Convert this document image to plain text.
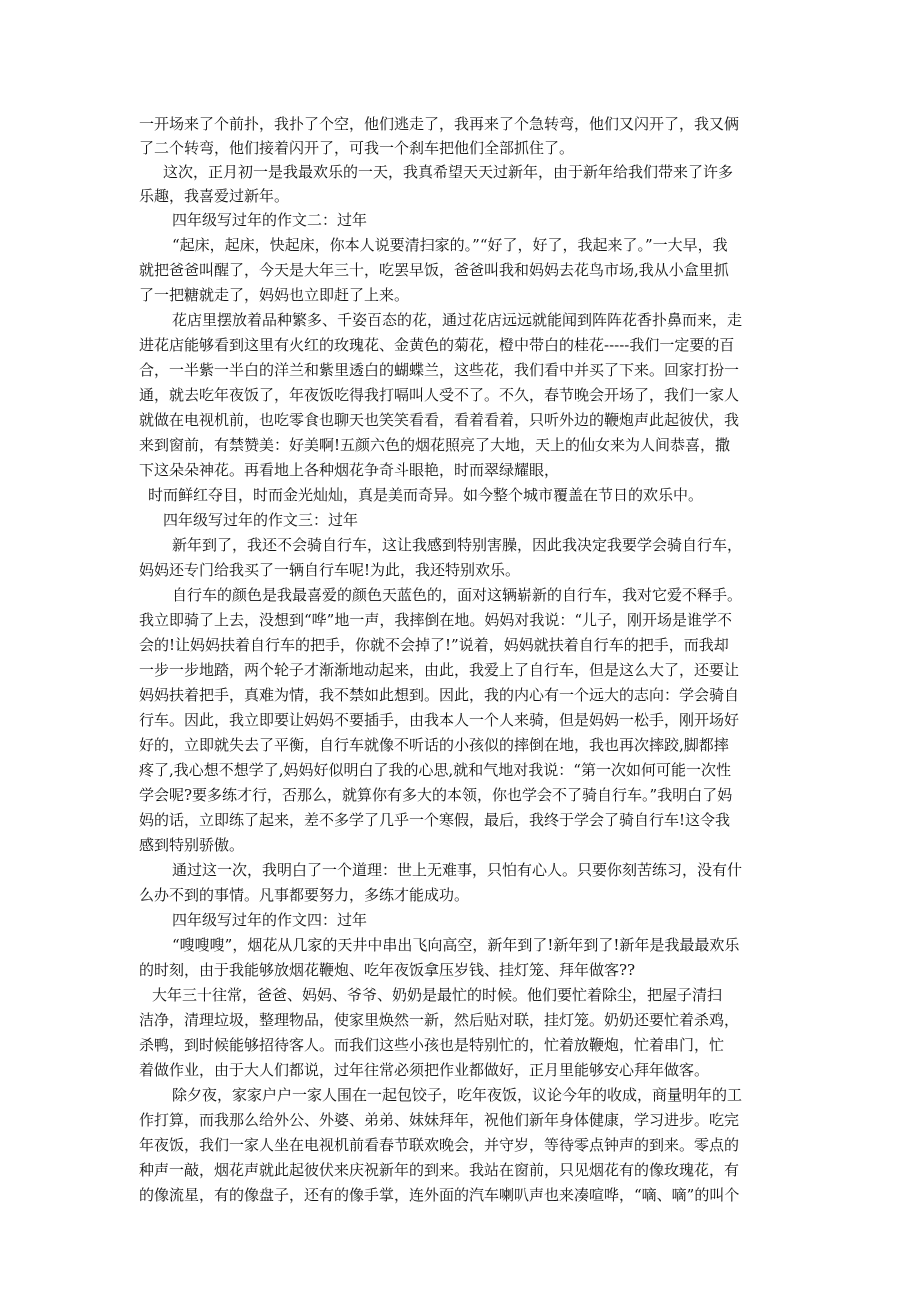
一开场来了个前扑，我扑了个空，他们逃走了，我再来了个急转弯，他们又闪开了，我又俩
了二个转弯，他们接着闪开了，可我一个刹车把他们全部抓住了。
这次，正月初一是我最欢乐的一天，我真希望天天过新年，由于新年给我们带来了许多
乐趣，我喜爱过新年。
四年级写过年的作文二：过年
“起床，起床，快起床，你本人说要清扫家的。”“好了，好了，我起来了。”一大早，我
就把爸爸叫醒了，今天是大年三十，吃罢早饭，爸爸叫我和妈妈去花鸟市场,我从小盒里抓
了一把糖就走了，妈妈也立即赶了上来。
花店里摆放着品种繁多、千姿百态的花，通过花店远远就能闻到阵阵花香扑鼻而来，走
进花店能够看到这里有火红的玫瑰花、金黄色的菊花，橙中带白的桂花-----我们一定要的百
合，一半紫一半白的洋兰和紫里透白的蝴蝶兰，这些花，我们看中并买了下来。回家打扮一
通，就去吃年夜饭了，年夜饭吃得我打嗝叫人受不了。不久，春节晚会开场了，我们一家人
就做在电视机前，也吃零食也聊天也笑笑看看，看着看着，只听外边的鞭炮声此起彼伏，我
来到窗前，有禁赞美：好美啊!五颜六色的烟花照亮了大地，天上的仙女来为人间恭喜，撒
下这朵朵神花。再看地上各种烟花争奇斗眼艳，时而翠绿耀眼，
时而鲜红夺目，时而金光灿灿，真是美而奇异。如今整个城市覆盖在节日的欢乐中。
四年级写过年的作文三：过年
新年到了，我还不会骑自行车，这让我感到特别害臊，因此我决定我要学会骑自行车，
妈妈还专门给我买了一辆自行车呢!为此，我还特别欢乐。
自行车的颜色是我最喜爱的颜色天蓝色的，面对这辆崭新的自行车，我对它爱不释手。
我立即骑了上去，没想到“哗”地一声，我摔倒在地。妈妈对我说：“儿子，刚开场是谁学不
会的!让妈妈扶着自行车的把手，你就不会掉了!”说着，妈妈就扶着自行车的把手，而我却
一步一步地踏，两个轮子才渐渐地动起来，由此，我爱上了自行车，但是这么大了，还要让
妈妈扶着把手，真难为情，我不禁如此想到。因此，我的内心有一个远大的志向：学会骑自
行车。因此，我立即要让妈妈不要插手，由我本人一个人来骑，但是妈妈一松手，刚开场好
好的，立即就失去了平衡，自行车就像不听话的小孩似的摔倒在地，我也再次摔跤,脚都摔
疼了,我心想不想学了,妈妈好似明白了我的心思,就和气地对我说：“第一次如何可能一次性
学会呢?要多练才行，否那么，就算你有多大的本领，你也学会不了骑自行车。”我明白了妈
妈的话，立即练了起来，差不多学了几乎一个寒假，最后，我终于学会了骑自行车!这令我
感到特别骄傲。
通过这一次，我明白了一个道理：世上无难事，只怕有心人。只要你刻苦练习，没有什
么办不到的事情。凡事都要努力，多练才能成功。
四年级写过年的作文四：过年
“嗖嗖嗖”，烟花从几家的天井中串出飞向高空，新年到了!新年到了!新年是我最最欢乐
的时刻，由于我能够放烟花鞭炮、吃年夜饭拿压岁钱、挂灯笼、拜年做客??
大年三十往常，爸爸、妈妈、爷爷、奶奶是最忙的时候。他们要忙着除尘，把屋子清扫
洁净，清理垃圾，整理物品，使家里焕然一新，然后贴对联，挂灯笼。奶奶还要忙着杀鸡，
杀鸭，到时候能够招待客人。而我们这些小孩也是特别忙的，忙着放鞭炮，忙着串门，忙
着做作业，由于大人们都说，过年往常必须把作业都做好，正月里能够安心拜年做客。
除夕夜，家家户户一家人围在一起包饺子，吃年夜饭，议论今年的收成，商量明年的工
作打算，而我那么给外公、外婆、弟弟、妹妹拜年，祝他们新年身体健康，学习进步。吃完
年夜饭，我们一家人坐在电视机前看春节联欢晚会，并守岁，等待零点钟声的到来。零点的
种声一敲，烟花声就此起彼伏来庆祝新年的到来。我站在窗前，只见烟花有的像玫瑰花，有
的像流星，有的像盘子，还有的像手掌，连外面的汽车喇叭声也来凑喧哗，“嘀、嘀”的叫个
